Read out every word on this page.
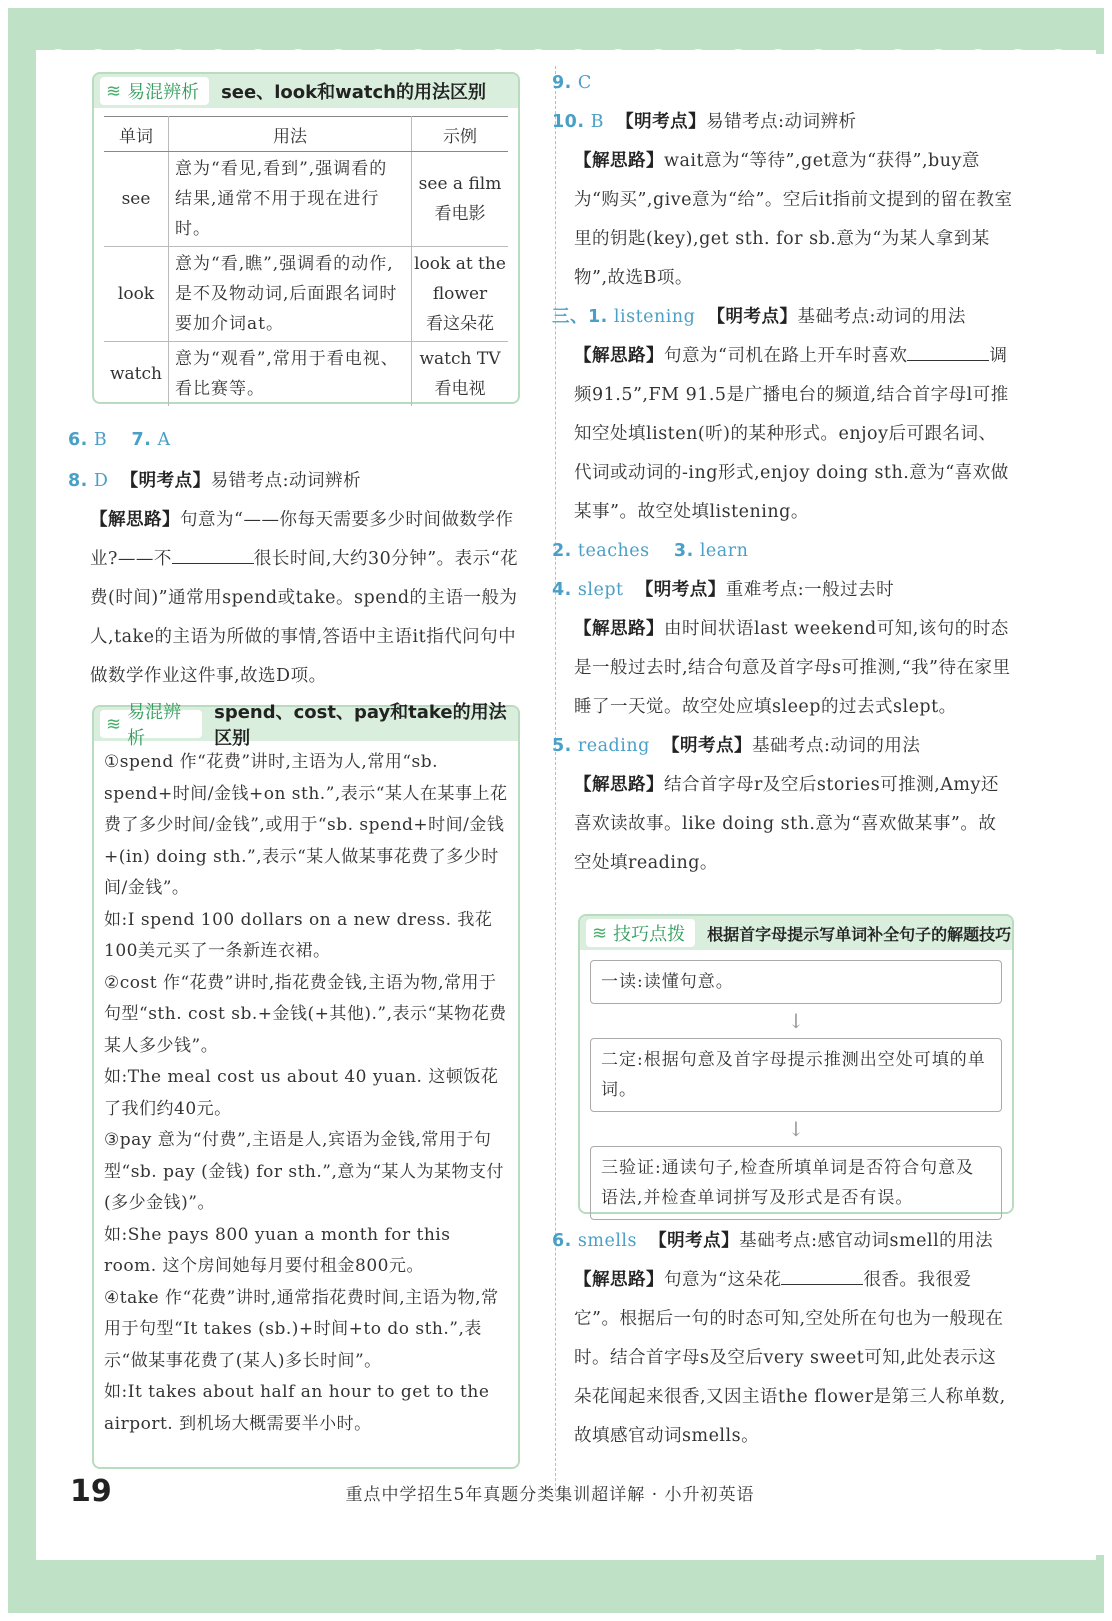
≋ 易混辨析 see、look和watch的用法区别
单词	用法	示例
see	意为“看见,看到”,强调看的结果,通常不用于现在进行时。	see a film
看电影

look	意为“看,瞧”,强调看的动作,是不及物动词,后面跟名词时要加介词at。	look at the flower
看这朵花

watch	意为“观看”,常用于看电视、看比赛等。	watch TV
看电视
6. B 7. A

8. D 【明考点】易错考点:动词辨析

【解思路】句意为“——你每天需要多少时间做数学作业?——不	很长时间,大约30分钟”。表示“花费(时间)”通常用spend或take。spend的主语一般为人,take的主语为所做的事情,答语中主语it指代问句中做数学作业这件事,故选D项。

≋
易混辨析
spend、cost、pay和take的用法区别

①spend 作“花费”讲时,主语为人,常用“sb. spend+时间/金钱+on sth.”,表示“某人在某事上花费了多少时间/金钱”,或用于“sb. spend+时间/金钱+(in) doing sth.”,表示“某人做某事花费了多少时间/金钱”。

如:I spend 100 dollars on a new dress. 我花100美元买了一条新连衣裙。

②cost 作“花费”讲时,指花费金钱,主语为物,常用于句型“sth. cost sb.+金钱(+其他).”,表示“某物花费某人多少钱”。

如:The meal cost us about 40 yuan. 这顿饭花了我们约40元。

③pay 意为“付费”,主语是人,宾语为金钱,常用于句型“sb. pay (金钱) for sth.”,意为“某人为某物支付(多少金钱)”。

如:She pays 800 yuan a month for this room. 这个房间她每月要付租金800元。

④take 作“花费”讲时,通常指花费时间,主语为物,常用于句型“It takes (sb.)+时间+to do sth.”,表示“做某事花费了(某人)多长时间”。

如:It takes about half an hour to get to the airport. 到机场大概需要半小时。

9. C

10. B 【明考点】易错考点:动词辨析

【解思路】wait意为“等待”,get意为“获得”,buy意为“购买”,give意为“给”。空后it指前文提到的留在教室里的钥匙(key),get sth. for sb.意为“为某人拿到某物”,故选B项。

三、1. listening 【明考点】基础考点:动词的用法

【解思路】句意为“司机在路上开车时喜欢	调频91.5”,FM 91.5是广播电台的频道,结合首字母l可推知空处填listen(听)的某种形式。enjoy后可跟名词、代词或动词的-ing形式,enjoy doing sth.意为“喜欢做某事”。故空处填listening。

2. teaches 3. learn

4. slept 【明考点】重难考点:一般过去时

【解思路】由时间状语last weekend可知,该句的时态是一般过去时,结合句意及首字母s可推测,“我”待在家里睡了一天觉。故空处应填sleep的过去式slept。

5. reading 【明考点】基础考点:动词的用法

【解思路】结合首字母r及空后stories可推测,Amy还喜欢读故事。like doing sth.意为“喜欢做某事”。故空处填reading。

≋ 技巧点拨 根据首字母提示写单词补全句子的解题技巧
一读:读懂句意。
↓
二定:根据句意及首字母提示推测出空处可填的单词。
↓
三验证:通读句子,检查所填单词是否符合句意及语法,并检查单词拼写及形式是否有误。

6. smells 【明考点】基础考点:感官动词smell的用法

【解思路】句意为“这朵花	很香。我很爱它”。根据后一句的时态可知,空处所在句也为一般现在时。结合首字母s及空后very sweet可知,此处表示这朵花闻起来很香,又因主语the flower是第三人称单数,故填感官动词smells。

19	重点中学招生5年真题分类集训超详解 · 小升初英语
